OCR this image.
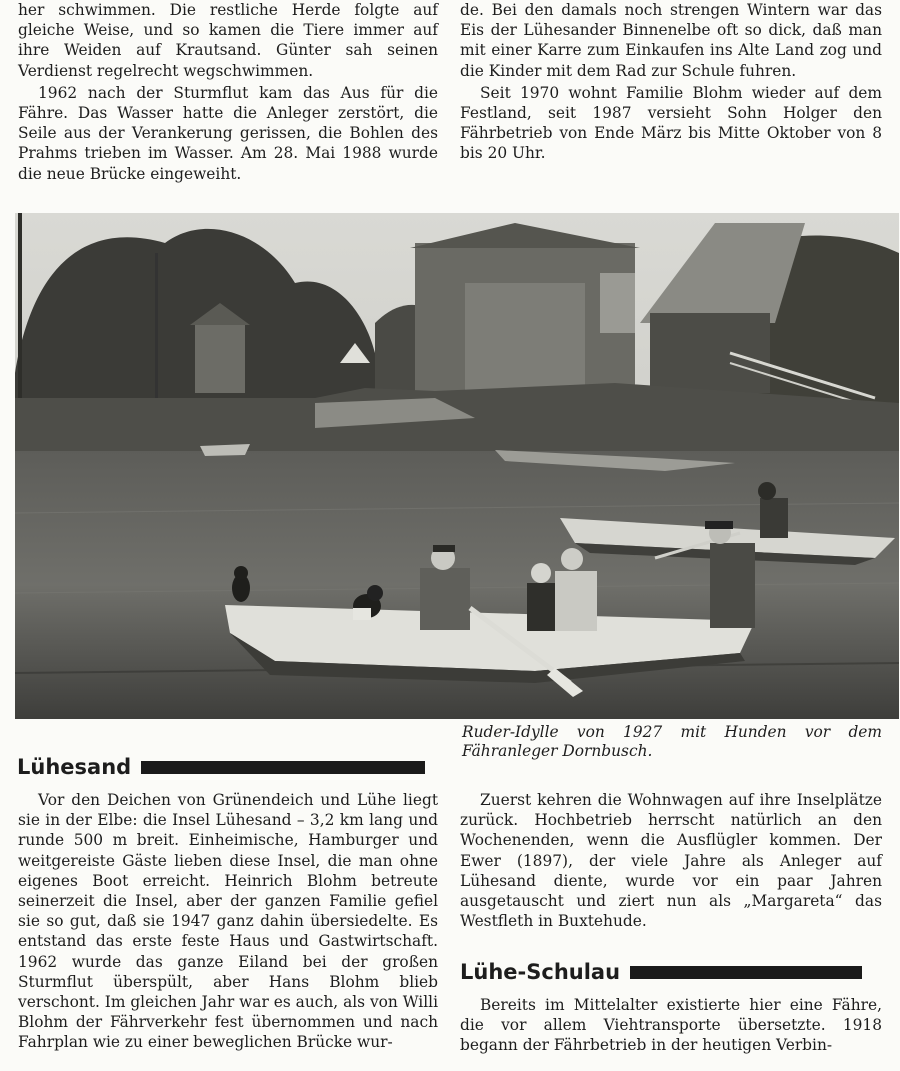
her schwimmen. Die restliche Herde folgte auf gleiche Weise, und so kamen die Tiere immer auf ihre Weiden auf Krautsand. Günter sah seinen Verdienst regelrecht wegschwimmen.

1962 nach der Sturmflut kam das Aus für die Fähre. Das Wasser hatte die Anleger zerstört, die Seile aus der Verankerung gerissen, die Bohlen des Prahms trieben im Wasser. Am 28. Mai 1988 wurde die neue Brücke eingeweiht.

de. Bei den damals noch strengen Wintern war das Eis der Lühesander Binnenelbe oft so dick, daß man mit einer Karre zum Einkaufen ins Alte Land zog und die Kinder mit dem Rad zur Schule fuhren.

Seit 1970 wohnt Familie Blohm wieder auf dem Festland, seit 1987 versieht Sohn Holger den Fährbetrieb von Ende März bis Mitte Oktober von 8 bis 20 Uhr.

Ruder-Idylle von 1927 mit Hunden vor dem Fähranleger Dornbusch.
Lühesand

Vor den Deichen von Grünendeich und Lühe liegt sie in der Elbe: die Insel Lühesand – 3,2 km lang und runde 500 m breit. Einheimische, Hamburger und weitgereiste Gäste lieben diese Insel, die man ohne eigenes Boot erreicht. Heinrich Blohm betreute seinerzeit die Insel, aber der ganzen Familie gefiel sie so gut, daß sie 1947 ganz dahin übersiedelte. Es entstand das erste feste Haus und Gastwirtschaft. 1962 wurde das ganze Eiland bei der großen Sturmflut überspült, aber Hans Blohm blieb verschont. Im gleichen Jahr war es auch, als von Willi Blohm der Fährverkehr fest übernommen und nach Fahrplan wie zu einer beweglichen Brücke wur-

Zuerst kehren die Wohnwagen auf ihre Inselplätze zurück. Hochbetrieb herrscht natürlich an den Wochenenden, wenn die Ausflügler kommen. Der Ewer (1897), der viele Jahre als Anleger auf Lühesand diente, wurde vor ein paar Jahren ausgetauscht und ziert nun als „Margareta“ das Westfleth in Buxtehude.

Lühe-Schulau

Bereits im Mittelalter existierte hier eine Fähre, die vor allem Viehtransporte übersetzte. 1918 begann der Fährbetrieb in der heutigen Verbin-
